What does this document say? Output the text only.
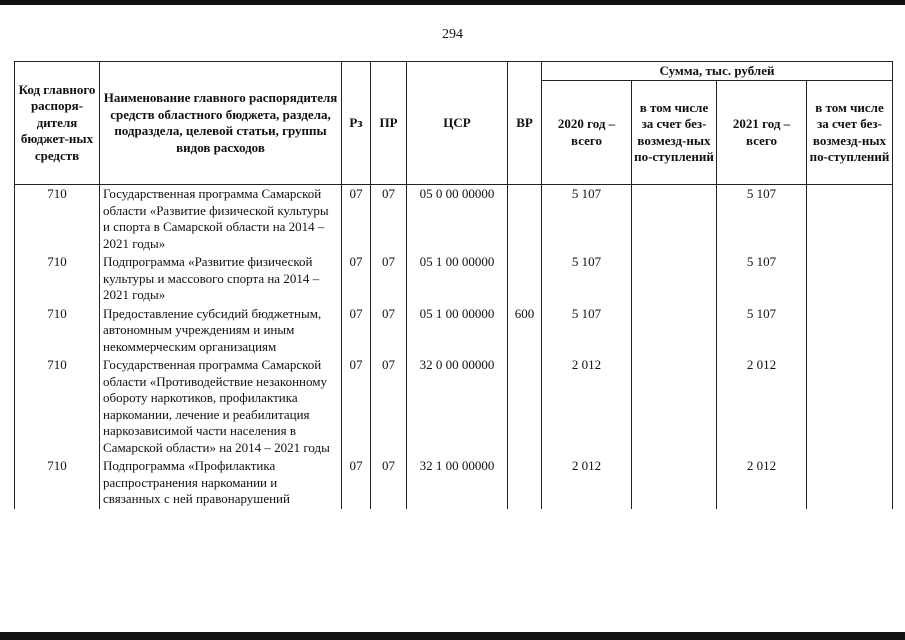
294
Код главного распоря-дителя бюджет-ных средств	Наименование главного распорядителя средств областного бюджета, раздела, подраздела, целевой статьи, группы видов расходов	Рз	ПР	ЦСР	ВР	Сумма, тыс. рублей			
						2020 год – всего	в том числе за счет без-возмезд-ных по-ступлений	2021 год – всего	в том числе за счет без-возмезд-ных по-ступлений
710	Государственная программа Самарской области «Развитие физической культуры и спорта в Самарской области на 2014 – 2021 годы»	07	07	05 0 00 00000		5 107		5 107	
710	Подпрограмма «Развитие физической культуры и массового спорта на 2014 – 2021 годы»	07	07	05 1 00 00000		5 107		5 107	
710	Предоставление субсидий бюджетным, автономным учреждениям и иным некоммерческим организациям	07	07	05 1 00 00000	600	5 107		5 107	
710	Государственная программа Самарской области «Противодействие незаконному обороту наркотиков, профилактика наркомании, лечение и реабилитация наркозависимой части населения в Самарской области» на 2014 – 2021 годы	07	07	32 0 00 00000		2 012		2 012	
710	Подпрограмма «Профилактика распространения наркомании и связанных с ней правонарушений	07	07	32 1 00 00000		2 012		2 012	
